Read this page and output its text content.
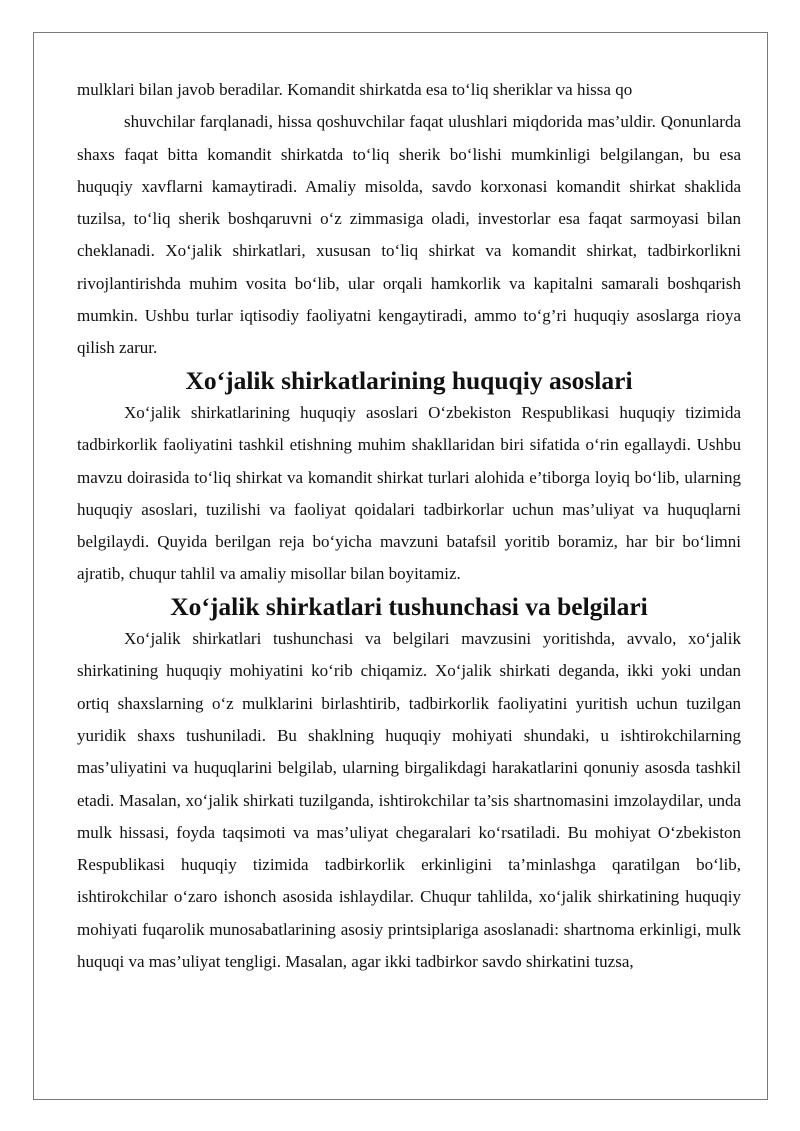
mulklari bilan javob beradilar. Komandit shirkatda esa to‘liq sheriklar va hissa qo

shuvchilar farqlanadi, hissa qoshuvchilar faqat ulushlari miqdorida mas’uldir. Qonunlarda shaxs faqat bitta komandit shirkatda to‘liq sherik bo‘lishi mumkinligi belgilangan, bu esa huquqiy xavflarni kamaytiradi. Amaliy misolda, savdo korxonasi komandit shirkat shaklida tuzilsa, to‘liq sherik boshqaruvni o‘z zimmasiga oladi, investorlar esa faqat sarmoyasi bilan cheklanadi. Xo‘jalik shirkatlari, xususan to‘liq shirkat va komandit shirkat, tadbirkorlikni rivojlantirishda muhim vosita bo‘lib, ular orqali hamkorlik va kapitalni samarali boshqarish mumkin. Ushbu turlar iqtisodiy faoliyatni kengaytiradi, ammo to‘g’ri huquqiy asoslarga rioya qilish zarur.

Xo‘jalik shirkatlarining huquqiy asoslari

Xo‘jalik shirkatlarining huquqiy asoslari O‘zbekiston Respublikasi huquqiy tizimida tadbirkorlik faoliyatini tashkil etishning muhim shakllaridan biri sifatida o‘rin egallaydi. Ushbu mavzu doirasida to‘liq shirkat va komandit shirkat turlari alohida e’tiborga loyiq bo‘lib, ularning huquqiy asoslari, tuzilishi va faoliyat qoidalari tadbirkorlar uchun mas’uliyat va huquqlarni belgilaydi. Quyida berilgan reja bo‘yicha mavzuni batafsil yoritib boramiz, har bir bo‘limni ajratib, chuqur tahlil va amaliy misollar bilan boyitamiz.

Xo‘jalik shirkatlari tushunchasi va belgilari

Xo‘jalik shirkatlari tushunchasi va belgilari mavzusini yoritishda, avvalo, xo‘jalik shirkatining huquqiy mohiyatini ko‘rib chiqamiz. Xo‘jalik shirkati deganda, ikki yoki undan ortiq shaxslarning o‘z mulklarini birlashtirib, tadbirkorlik faoliyatini yuritish uchun tuzilgan yuridik shaxs tushuniladi. Bu shaklning huquqiy mohiyati shundaki, u ishtirokchilarning mas’uliyatini va huquqlarini belgilab, ularning birgalikdagi harakatlarini qonuniy asosda tashkil etadi. Masalan, xo‘jalik shirkati tuzilganda, ishtirokchilar ta’sis shartnomasini imzolaydilar, unda mulk hissasi, foyda taqsimoti va mas’uliyat chegaralari ko‘rsatiladi. Bu mohiyat O‘zbekiston Respublikasi huquqiy tizimida tadbirkorlik erkinligini ta’minlashga qaratilgan bo‘lib, ishtirokchilar o‘zaro ishonch asosida ishlaydilar. Chuqur tahlilda, xo‘jalik shirkatining huquqiy mohiyati fuqarolik munosabatlarining asosiy printsiplariga asoslanadi: shartnoma erkinligi, mulk huquqi va mas’uliyat tengligi. Masalan, agar ikki tadbirkor savdo shirkatini tuzsa,
